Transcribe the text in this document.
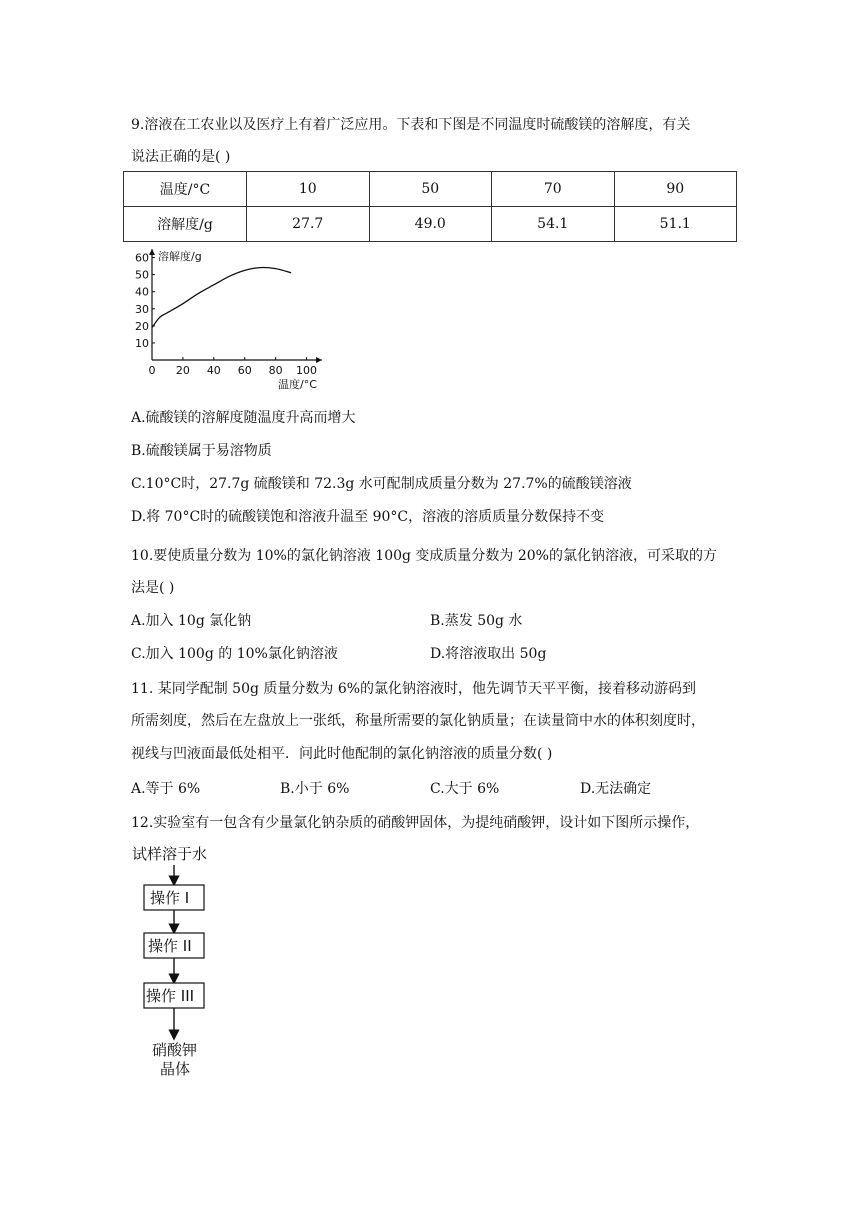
9.溶液在工农业以及医疗上有着广泛应用。下表和下图是不同温度时硫酸镁的溶解度，有关
说法正确的是( )
温度/°C	10	50	70	90
溶解度/g	27.7	49.0	54.1	51.1
0 20 40 60 80 100
10
20
30
40
50
60 溶解度/g
温度/°C
A.硫酸镁的溶解度随温度升高而增大
B.硫酸镁属于易溶物质
C.10°C时，27.7g 硫酸镁和 72.3g 水可配制成质量分数为 27.7%的硫酸镁溶液
D.将 70°C时的硫酸镁饱和溶液升温至 90°C，溶液的溶质质量分数保持不变
10.要使质量分数为 10%的氯化钠溶液 100g 变成质量分数为 20%的氯化钠溶液，可采取的方
法是( )
A.加入 10g 氯化钠	B.蒸发 50g 水
C.加入 100g 的 10%氯化钠溶液	D.将溶液取出 50g
11. 某同学配制 50g 质量分数为 6%的氯化钠溶液时，他先调节天平平衡，接着移动游码到
所需刻度，然后在左盘放上一张纸，称量所需要的氯化钠质量；在读量筒中水的体积刻度时，
视线与凹液面最低处相平．问此时他配制的氯化钠溶液的质量分数( )
A.等于 6%	B.小于 6%	C.大于 6%	D.无法确定
12.实验室有一包含有少量氯化钠杂质的硝酸钾固体，为提纯硝酸钾，设计如下图所示操作，
试样溶于水
操作 I
操作 II
操作 III
硝酸钾
晶体
